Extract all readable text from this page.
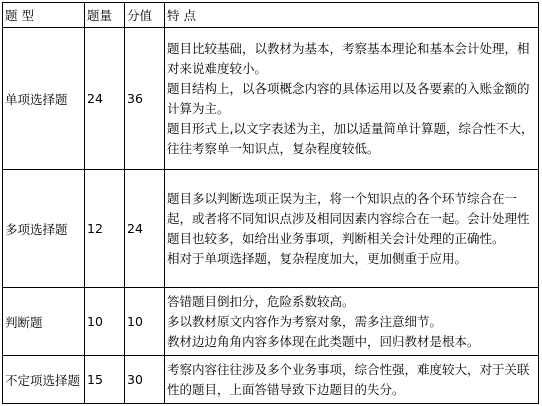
题 型	题量	分值	特 点
单项选择题	24	36	题目比较基础，以教材为基本，考察基本理论和基本会计处理，相对来说难度较小。
题目结构上，以各项概念内容的具体运用以及各要素的入账金额的计算为主。
题目形式上,以文字表述为主，加以适量简单计算题，综合性不大，往往考察单一知识点，复杂程度较低。

多项选择题	12	24	题目多以判断选项正误为主，将一个知识点的各个环节综合在一起，或者将不同知识点涉及相同因素内容综合在一起。会计处理性题目也较多，如给出业务事项，判断相关会计处理的正确性。
相对于单项选择题，复杂程度加大，更加侧重于应用。

判断题	10	10	答错题目倒扣分，危险系数较高。
多以教材原文内容作为考察对象，需多注意细节。
教材边边角角内容多体现在此类题中，回归教材是根本。

不定项选择题	15	30	考察内容往往涉及多个业务事项，综合性强，难度较大，对于关联性的题目，上面答错导致下边题目的失分。
